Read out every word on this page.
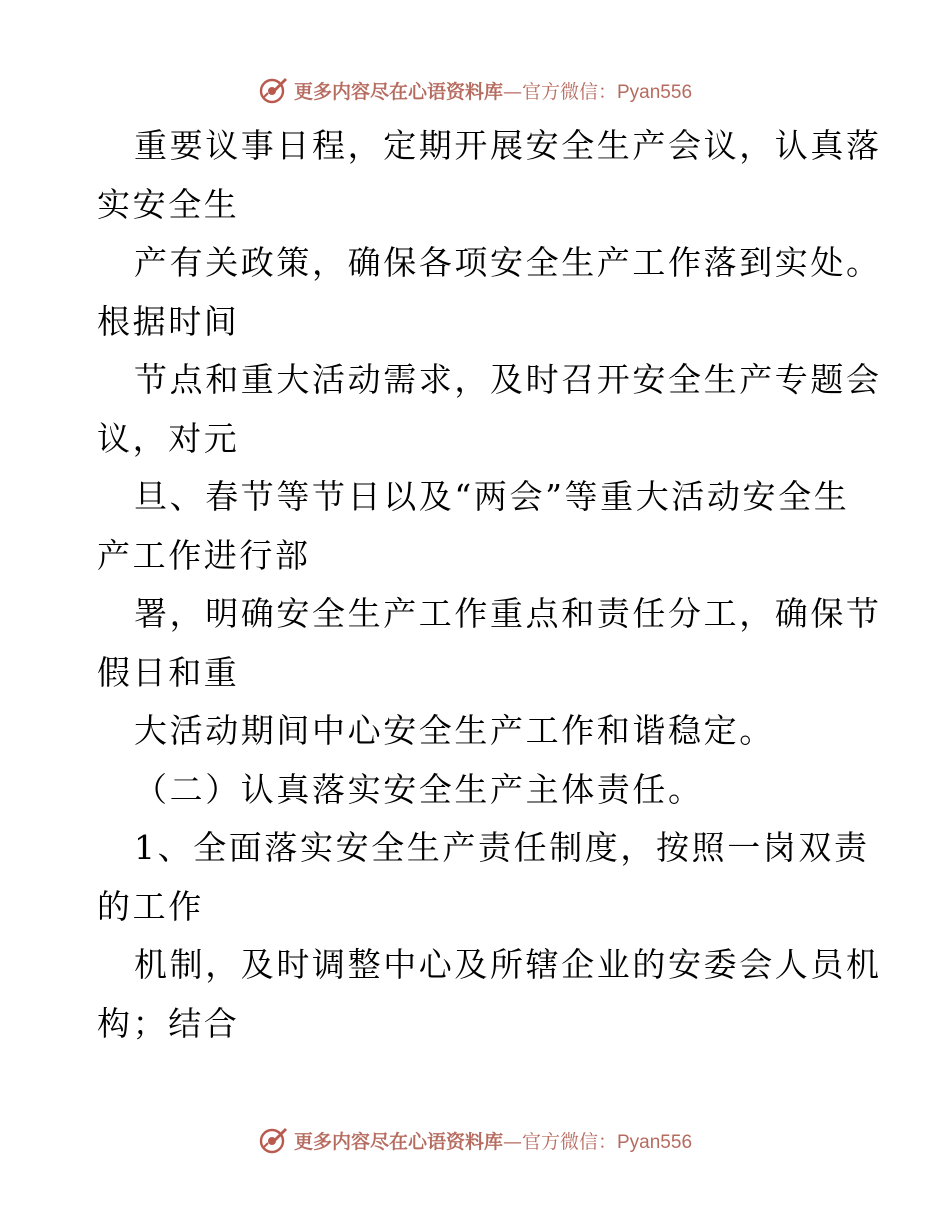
更多内容尽在心语资料库—官方微信：Pyan556
重要议事日程，定期开展安全生产会议，认真落
实安全生
产有关政策，确保各项安全生产工作落到实处。
根据时间
节点和重大活动需求，及时召开安全生产专题会
议，对元
旦、春节等节日以及“两会”等重大活动安全生
产工作进行部
署，明确安全生产工作重点和责任分工，确保节
假日和重
大活动期间中心安全生产工作和谐稳定。
（二）认真落实安全生产主体责任。
1、全面落实安全生产责任制度，按照一岗双责
的工作
机制，及时调整中心及所辖企业的安委会人员机
构；结合
更多内容尽在心语资料库—官方微信：Pyan556
